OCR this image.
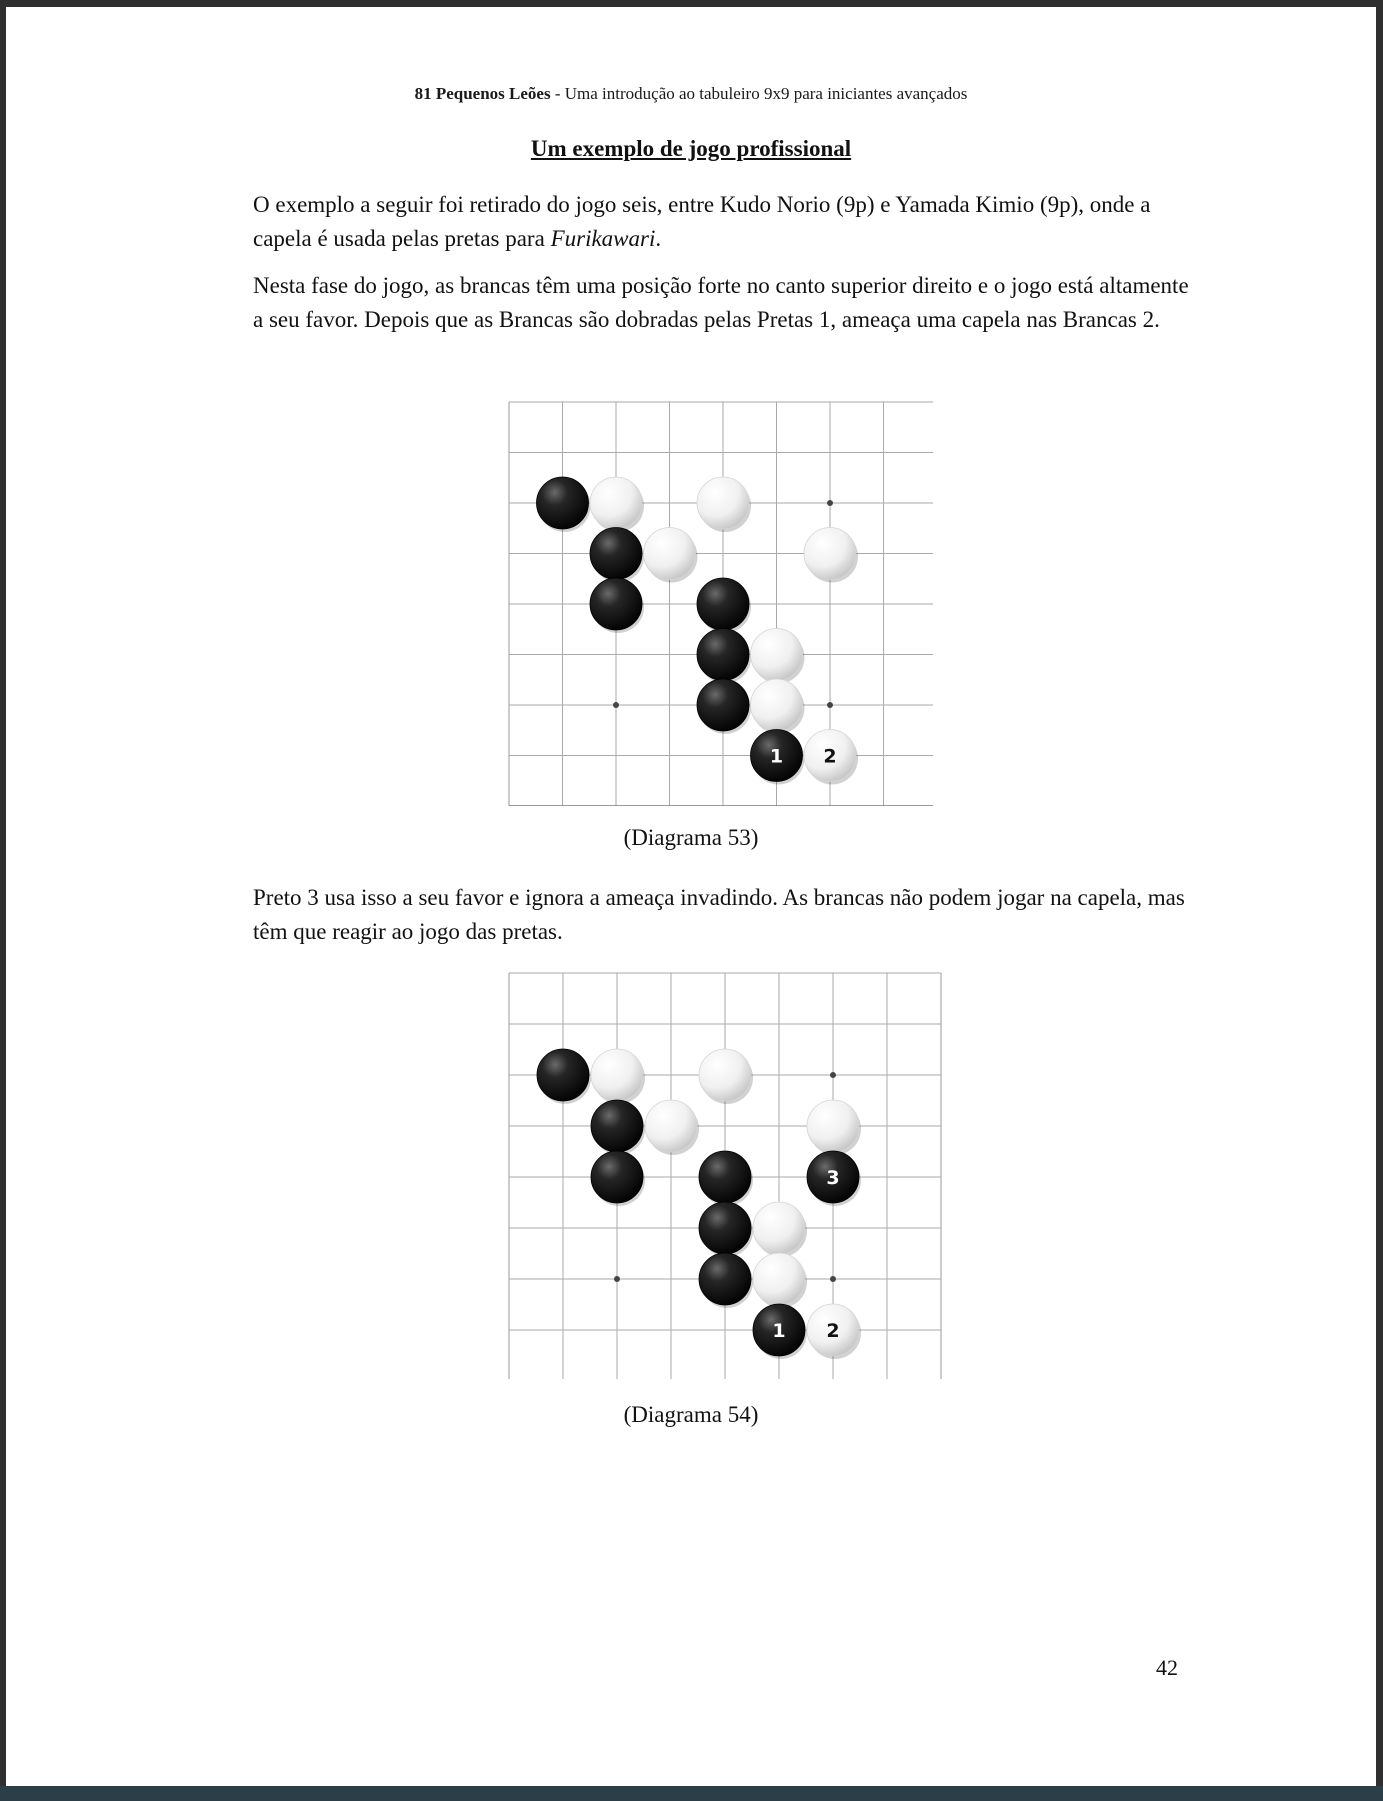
81 Pequenos Leões - Uma introdução ao tabuleiro 9x9 para iniciantes avançados
Um exemplo de jogo profissional

O exemplo a seguir foi retirado do jogo seis, entre Kudo Norio (9p) e Yamada Kimio (9p), onde a capela é usada pelas pretas para Furikawari.

Nesta fase do jogo, as brancas têm uma posição forte no canto superior direito e o jogo está altamente a seu favor. Depois que as Brancas são dobradas pelas Pretas 1, ameaça uma capela nas Brancas 2.

1 2
(Diagrama 53)

Preto 3 usa isso a seu favor e ignora a ameaça invadindo. As brancas não podem jogar na capela, mas têm que reagir ao jogo das pretas.

3
1 2
(Diagrama 54)
42
